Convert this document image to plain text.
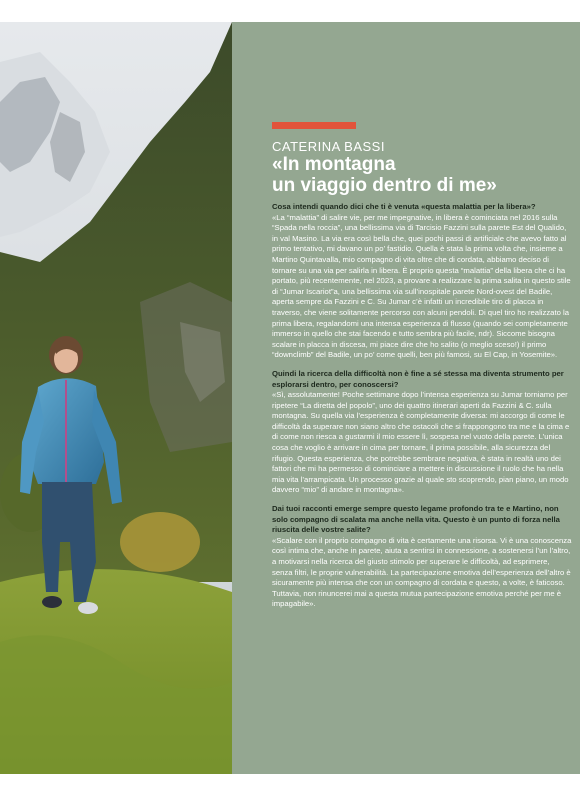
CATERINA BASSI
«In montagna
un viaggio dentro di me»

Cosa intendi quando dici che ti è venuta «questa malattia per la libera»?

«La “malattia” di salire vie, per me impegnative, in libera è cominciata nel 2016 sulla “Spada nella roccia”, una bellissima via di Tarcisio Fazzini sulla parete Est del Qualido, in val Masino. La via era così bella che, quei pochi passi di artificiale che avevo fatto al primo tentativo, mi davano un po’ fastidio. Quella è stata la prima volta che, insieme a Martino Quintavalla, mio compagno di vita oltre che di cordata, abbiamo deciso di tornare su una via per salirla in libera. È proprio questa “malattia” della libera che ci ha portato, più recentemente, nel 2023, a provare a realizzare la prima salita in questo stile di “Jumar Iscariot”a, una bellissima via sull’inospitale parete Nord-ovest del Badile, aperta sempre da Fazzini e C. Su Jumar c’è infatti un incredibile tiro di placca in traverso, che viene solitamente percorso con alcuni pendoli. Di quel tiro ho realizzato la prima libera, regalandomi una intensa esperienza di flusso (quando sei completamente immerso in quello che stai facendo e tutto sembra più facile, ndr). Siccome bisogna scalare in placca in discesa, mi piace dire che ho salito (o meglio sceso!) il primo “downclimb” del Badile, un po’ come quelli, ben più famosi, su El Cap, in Yosemite».

Quindi la ricerca della difficoltà non è fine a sé stessa ma diventa strumento per esplorarsi dentro, per conoscersi?

«Sì, assolutamente! Poche settimane dopo l’intensa esperienza su Jumar torniamo per ripetere “La diretta del popolo”, uno dei quattro itinerari aperti da Fazzini & C. sulla montagna. Su quella via l’esperienza è completamente diversa: mi accorgo di come le difficoltà da superare non siano altro che ostacoli che si frappongono tra me e la cima e di come non riesca a gustarmi il mio essere lì, sospesa nel vuoto della parete. L’unica cosa che voglio è arrivare in cima per tornare, il prima possibile, alla sicurezza del rifugio. Questa esperienza, che potrebbe sembrare negativa, è stata in realtà uno dei fattori che mi ha permesso di cominciare a mettere in discussione il ruolo che ha nella mia vita l’arrampicata. Un processo grazie al quale sto scoprendo, pian piano, un modo davvero “mio” di andare in montagna».

Dai tuoi racconti emerge sempre questo legame profondo tra te e Martino, non solo compagno di scalata ma anche nella vita. Questo è un punto di forza nella riuscita delle vostre salite?

«Scalare con il proprio compagno di vita è certamente una risorsa. Vi è una conoscenza così intima che, anche in parete, aiuta a sentirsi in connessione, a sostenersi l’un l’altro, a motivarsi nella ricerca del giusto stimolo per superare le difficoltà, ad esprimere, senza filtri, le proprie vulnerabilità. La partecipazione emotiva dell’esperienza dell’altro è sicuramente più intensa che con un compagno di cordata e questo, a volte, è faticoso. Tuttavia, non rinuncerei mai a questa mutua partecipazione emotiva perché per me è impagabile».
